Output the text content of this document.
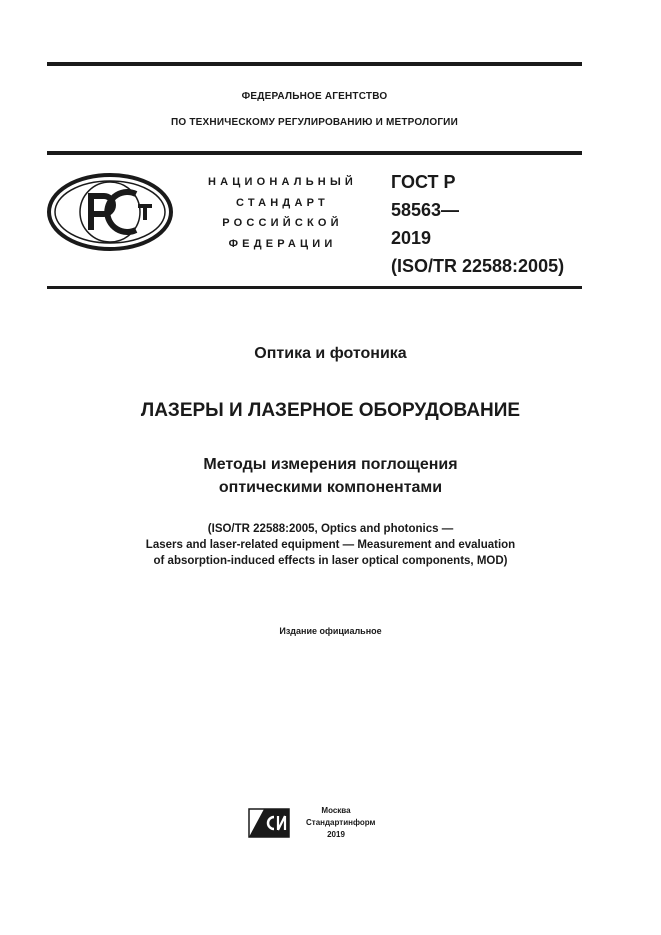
ФЕДЕРАЛЬНОЕ АГЕНТСТВО
ПО ТЕХНИЧЕСКОМУ РЕГУЛИРОВАНИЮ И МЕТРОЛОГИИ
НАЦИОНАЛЬНЫЙ
СТАНДАРТ
РОССИЙСКОЙ
ФЕДЕРАЦИИ
ГОСТ Р
58563—
2019
(ISO/TR 22588:2005)
Оптика и фотоника
ЛАЗЕРЫ И ЛАЗЕРНОЕ ОБОРУДОВАНИЕ
Методы измерения поглощения
оптическими компонентами
(ISO/TR 22588:2005, Optics and photonics —
Lasers and laser-related equipment — Measurement and evaluation
of absorption-induced effects in laser optical components, MOD)
Издание официальное
Москва
Стандартинформ
2019
